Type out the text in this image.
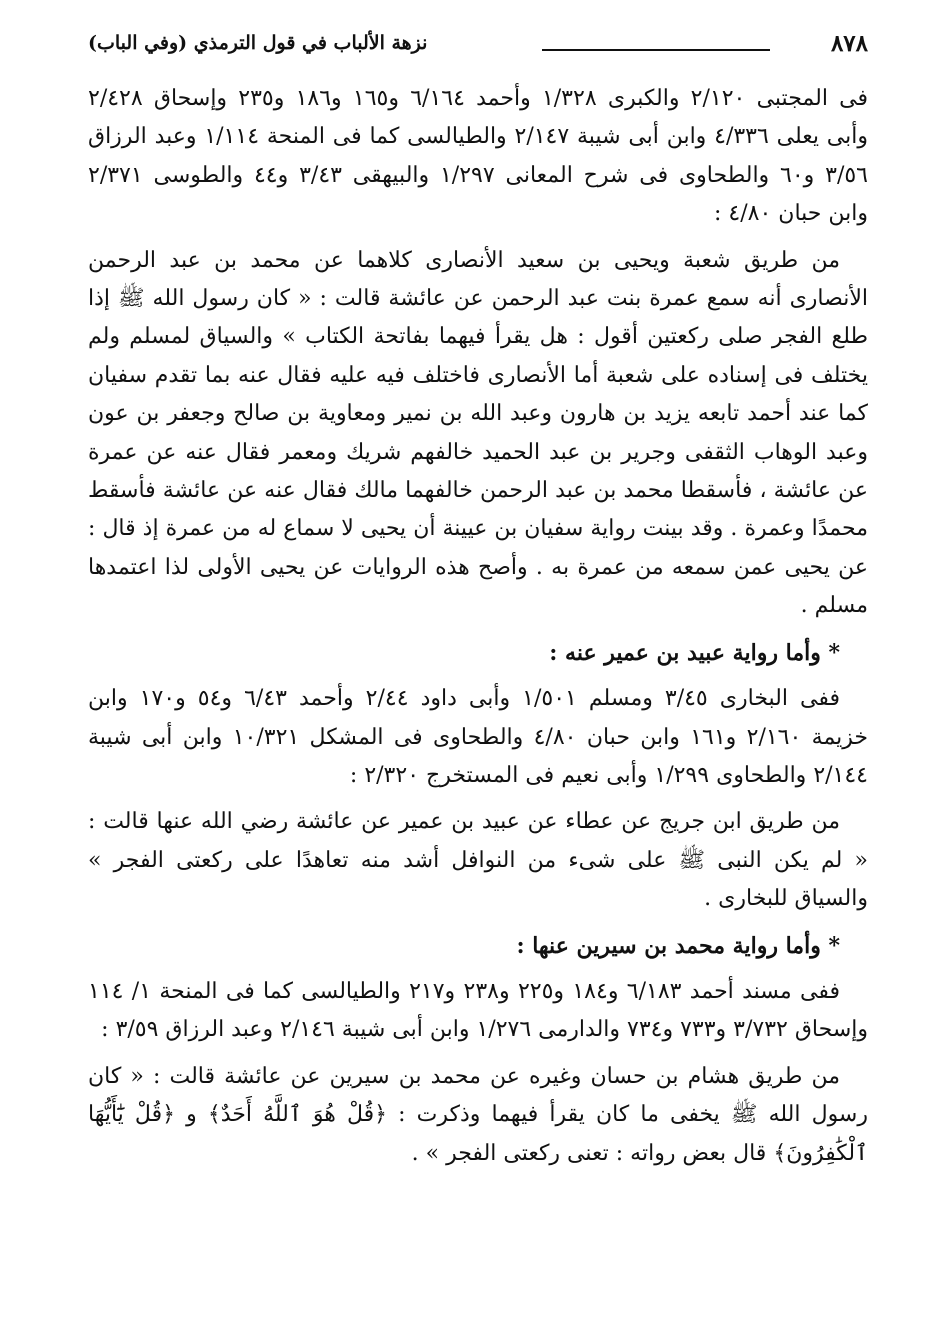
٨٧٨
نزهة الألباب في قول الترمذي (وفي الباب)

فى المجتبى ٢/١٢٠ والكبرى ١/٣٢٨ وأحمد ٦/١٦٤ و١٦٥ و١٨٦ و٢٣٥ وإسحاق ٢/٤٢٨ وأبى يعلى ٤/٣٣٦ وابن أبى شيبة ٢/١٤٧ والطيالسى كما فى المنحة ١/١١٤ وعبد الرزاق ٣/٥٦ و٦٠ والطحاوى فى شرح المعانى ١/٢٩٧ والبيهقى ٣/٤٣ و٤٤ والطوسى ٢/٣٧١ وابن حبان ٤/٨٠ :

من طريق شعبة ويحيى بن سعيد الأنصارى كلاهما عن محمد بن عبد الرحمن الأنصارى أنه سمع عمرة بنت عبد الرحمن عن عائشة قالت : « كان رسول الله ﷺ إذا طلع الفجر صلى ركعتين أقول : هل يقرأ فيهما بفاتحة الكتاب » والسياق لمسلم ولم يختلف فى إسناده على شعبة أما الأنصارى فاختلف فيه عليه فقال عنه بما تقدم سفيان كما عند أحمد تابعه يزيد بن هارون وعبد الله بن نمير ومعاوية بن صالح وجعفر بن عون وعبد الوهاب الثقفى وجرير بن عبد الحميد خالفهم شريك ومعمر فقال عنه عن عمرة عن عائشة ، فأسقطا محمد بن عبد الرحمن خالفهما مالك فقال عنه عن عائشة فأسقط محمدًا وعمرة . وقد بينت رواية سفيان بن عيينة أن يحيى لا سماع له من عمرة إذ قال : عن يحيى عمن سمعه من عمرة به . وأصح هذه الروايات عن يحيى الأولى لذا اعتمدها مسلم .

* وأما رواية عبيد بن عمير عنه :

ففى البخارى ٣/٤٥ ومسلم ١/٥٠١ وأبى داود ٢/٤٤ وأحمد ٦/٤٣ و٥٤ و١٧٠ وابن خزيمة ٢/١٦٠ و١٦١ وابن حبان ٤/٨٠ والطحاوى فى المشكل ١٠/٣٢١ وابن أبى شيبة ٢/١٤٤ والطحاوى ١/٢٩٩ وأبى نعيم فى المستخرج ٢/٣٢٠ :

من طريق ابن جريج عن عطاء عن عبيد بن عمير عن عائشة رضي الله عنها قالت : « لم يكن النبى ﷺ على شىء من النوافل أشد منه تعاهدًا على ركعتى الفجر » والسياق للبخارى .

* وأما رواية محمد بن سيرين عنها :

ففى مسند أحمد ٦/١٨٣ و١٨٤ و٢٢٥ و٢٣٨ و٢١٧ والطيالسى كما فى المنحة ١/ ١١٤ وإسحاق ٣/٧٣٢ و٧٣٣ و٧٣٤ والدارمى ١/٢٧٦ وابن أبى شيبة ٢/١٤٦ وعبد الرزاق ٣/٥٩ :

من طريق هشام بن حسان وغيره عن محمد بن سيرين عن عائشة قالت : « كان رسول الله ﷺ يخفى ما كان يقرأ فيهما وذكرت : ﴿قُلْ هُوَ ٱللَّهُ أَحَدٌ﴾ و ﴿قُلْ يَٰٓأَيُّهَا ٱلْكَٰفِرُونَ﴾ قال بعض رواته : تعنى ركعتى الفجر » .
